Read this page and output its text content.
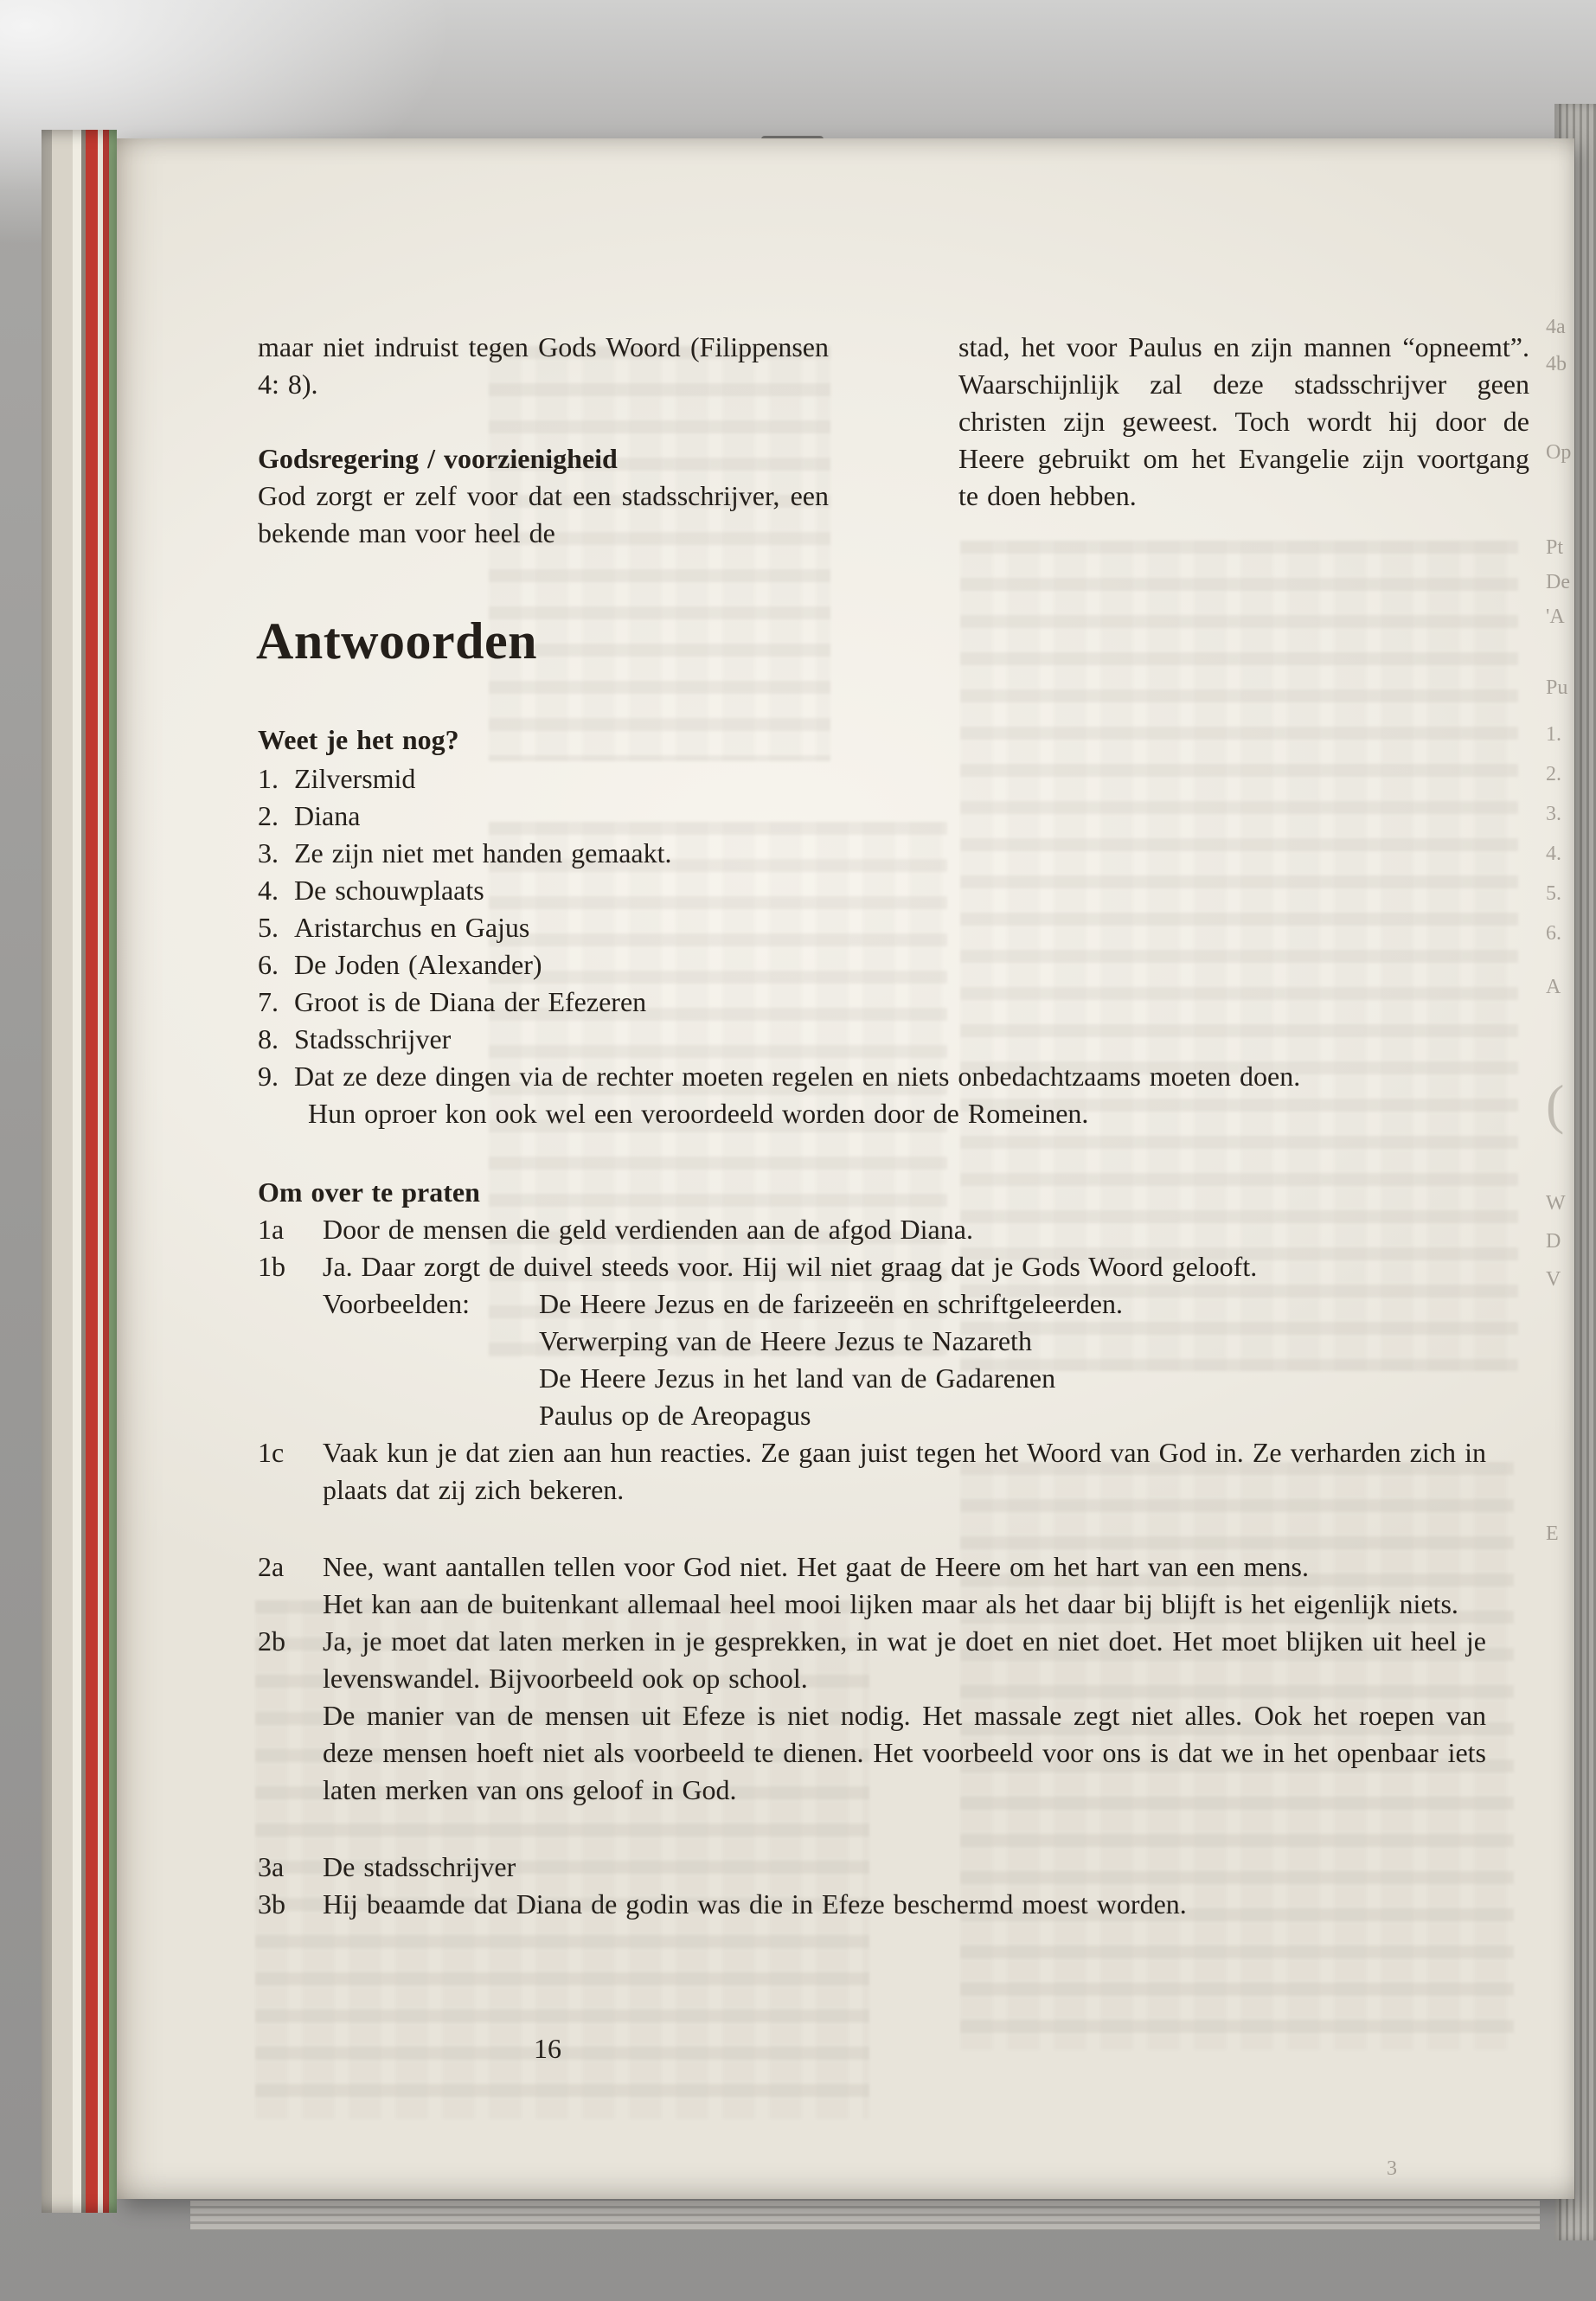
4a
4b
Op
Pt
De
'A
Pu
1.
2.
3.
4.
5.
6.
A
(
W
D
V
E
3

maar niet indruist tegen Gods Woord (Filippensen 4: 8).

Godsregering / voorzienigheid

God zorgt er zelf voor dat een stadsschrijver, een bekende man voor heel de

stad, het voor Paulus en zijn mannen “opneemt”. Waarschijnlijk zal deze stadsschrijver geen christen zijn geweest. Toch wordt hij door de Heere gebruikt om het Evangelie zijn voortgang te doen hebben.

Antwoorden

Weet je het nog?

1. Zilversmid
2. Diana
3. Ze zijn niet met handen gemaakt.
4. De schouwplaats
5. Aristarchus en Gajus
6. De Joden (Alexander)
7. Groot is de Diana der Efezeren
8. Stadsschrijver
9. Dat ze deze dingen via de rechter moeten regelen en niets onbedachtzaams moeten doen.

Hun oproer kon ook wel een veroordeeld worden door de Romeinen.

Om over te praten

1a	Door de mensen die geld verdienden aan de afgod Diana.

1b	Ja. Daar zorgt de duivel steeds voor. Hij wil niet graag dat je Gods Woord gelooft.

Voorbeelden:	De Heere Jezus en de farizeeën en schriftgeleerden.
Verwerping van de Heere Jezus te Nazareth
De Heere Jezus in het land van de Gadarenen
Paulus op de Areopagus
1c	Vaak kun je dat zien aan hun reacties. Ze gaan juist tegen het Woord van God in. Ze verharden zich in plaats dat zij zich bekeren.

2a	Nee, want aantallen tellen voor God niet. Het gaat de Heere om het hart van een mens.

Het kan aan de buitenkant allemaal heel mooi lijken maar als het daar bij blijft is het eigenlijk niets.

2b	Ja, je moet dat laten merken in je gesprekken, in wat je doet en niet doet. Het moet blijken uit heel je levenswandel. Bijvoorbeeld ook op school.

De manier van de mensen uit Efeze is niet nodig. Het massale zegt niet alles. Ook het roepen van deze mensen hoeft niet als voorbeeld te dienen. Het voorbeeld voor ons is dat we in het openbaar iets laten merken van ons geloof in God.

3a	De stadsschrijver

3b	Hij beaamde dat Diana de godin was die in Efeze beschermd moest worden.

16
